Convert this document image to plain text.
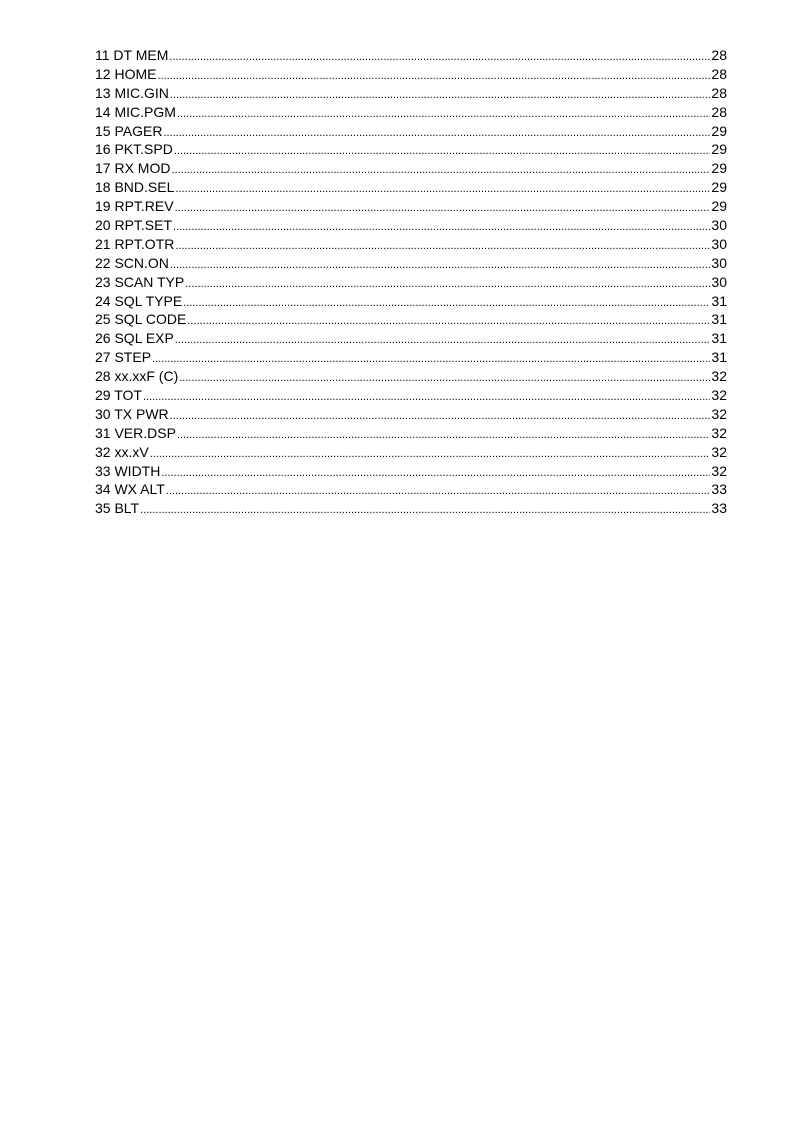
11 DT MEM .....	28
12 HOME .....	28
13 MIC.GIN .....	28
14 MIC.PGM .....	28
15 PAGER .....	29
16 PKT.SPD .....	29
17 RX MOD .....	29
18 BND.SEL .....	29
19 RPT.REV .....	29
20 RPT.SET .....	30
21 RPT.OTR .....	30
22 SCN.ON .....	30
23 SCAN TYP .....	30
24 SQL TYPE .....	31
25 SQL CODE .....	31
26 SQL EXP .....	31
27 STEP .....	31
28 xx.xxF (C) .....	32
29 TOT .....	32
30 TX PWR .....	32
31 VER.DSP .....	32
32 xx.xV .....	32
33 WIDTH .....	32
34 WX ALT .....	33
35 BLT .....	33
